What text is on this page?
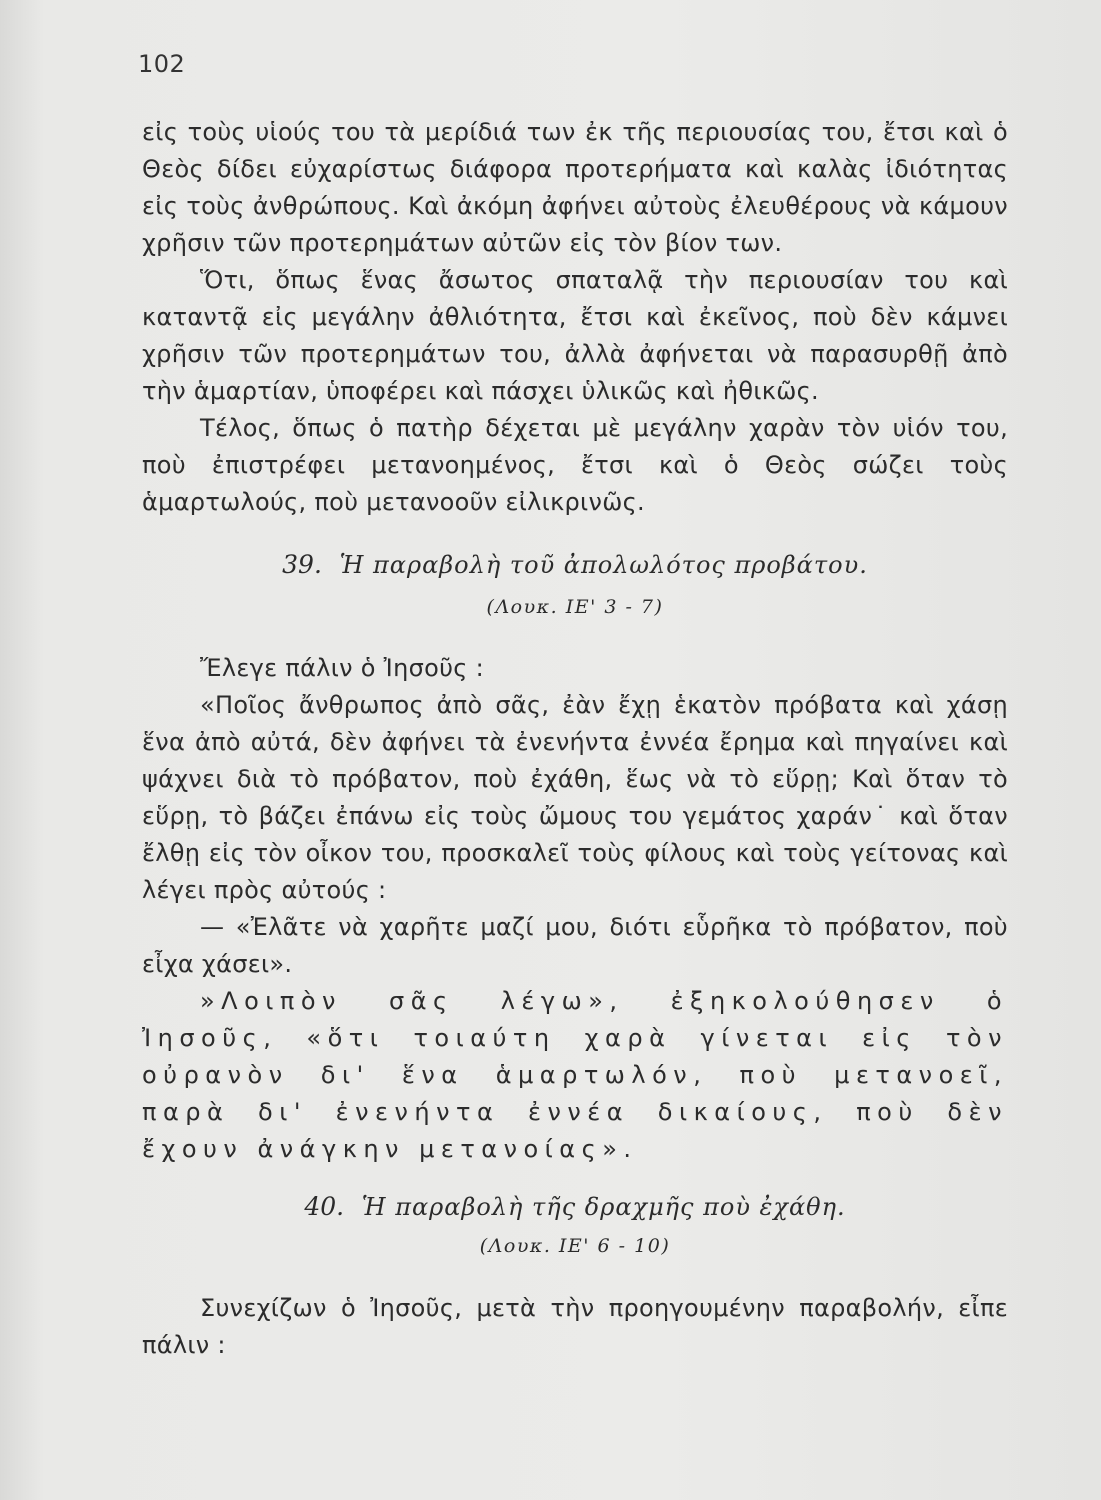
102

εἰς τοὺς υἱούς του τὰ μερίδιά των ἐκ τῆς περιουσίας του, ἔτσι καὶ ὁ Θεὸς δίδει εὐχαρίστως διάφορα προτερήματα καὶ καλὰς ἰδιότητας εἰς τοὺς ἀνθρώπους. Καὶ ἀκόμη ἀφήνει αὐτοὺς ἐλευθέρους νὰ κάμουν χρῆσιν τῶν προτερημάτων αὐτῶν εἰς τὸν βίον των.

Ὅτι, ὅπως ἕνας ἄσωτος σπαταλᾷ τὴν περιουσίαν του καὶ καταντᾷ εἰς μεγάλην ἀθλιότητα, ἔτσι καὶ ἐκεῖνος, ποὺ δὲν κάμνει χρῆσιν τῶν προτερημάτων του, ἀλλὰ ἀφήνεται νὰ παρασυρθῇ ἀπὸ τὴν ἁμαρτίαν, ὑποφέρει καὶ πάσχει ὑλικῶς καὶ ἠθικῶς.

Τέλος, ὅπως ὁ πατὴρ δέχεται μὲ μεγάλην χαρὰν τὸν υἱόν του, ποὺ ἐπιστρέφει μετανοημένος, ἔτσι καὶ ὁ Θεὸς σώζει τοὺς ἁμαρτωλούς, ποὺ μετανοοῦν εἰλικρινῶς.

39. Ἡ παραβολὴ τοῦ ἀπολωλότος προβάτου.
(Λουκ. ΙΕ' 3 - 7)

Ἔλεγε πάλιν ὁ Ἰησοῦς :

«Ποῖος ἄνθρωπος ἀπὸ σᾶς, ἐὰν ἔχῃ ἑκατὸν πρόβατα καὶ χάσῃ ἕνα ἀπὸ αὐτά, δὲν ἀφήνει τὰ ἐνενήντα ἐννέα ἔρημα καὶ πηγαίνει καὶ ψάχνει διὰ τὸ πρόβατον, ποὺ ἐχάθη, ἕως νὰ τὸ εὕρῃ; Καὶ ὅταν τὸ εὕρῃ, τὸ βάζει ἐπάνω εἰς τοὺς ὤμους του γεμάτος χαράν˙ καὶ ὅταν ἔλθῃ εἰς τὸν οἶκον του, προσκαλεῖ τοὺς φίλους καὶ τοὺς γείτονας καὶ λέγει πρὸς αὐτούς :

— «Ἐλᾶτε νὰ χαρῆτε μαζί μου, διότι εὗρῆκα τὸ πρόβατον, ποὺ εἶχα χάσει».

»Λοιπὸν σᾶς λέγω», ἐξηκολούθησεν ὁ Ἰησοῦς, «ὅτι τοιαύτη χαρὰ γίνεται εἰς τὸν οὐρανὸν δι' ἕνα ἁμαρτωλόν, ποὺ μετανοεῖ, παρὰ δι' ἐνενήντα ἐννέα δικαίους, ποὺ δὲν ἔχουν ἀνάγκην μετανοίας».

40. Ἡ παραβολὴ τῆς δραχμῆς ποὺ ἐχάθη.
(Λουκ. ΙΕ' 6 - 10)

Συνεχίζων ὁ Ἰησοῦς, μετὰ τὴν προηγουμένην παραβολήν, εἶπε πάλιν :

‍
‍
